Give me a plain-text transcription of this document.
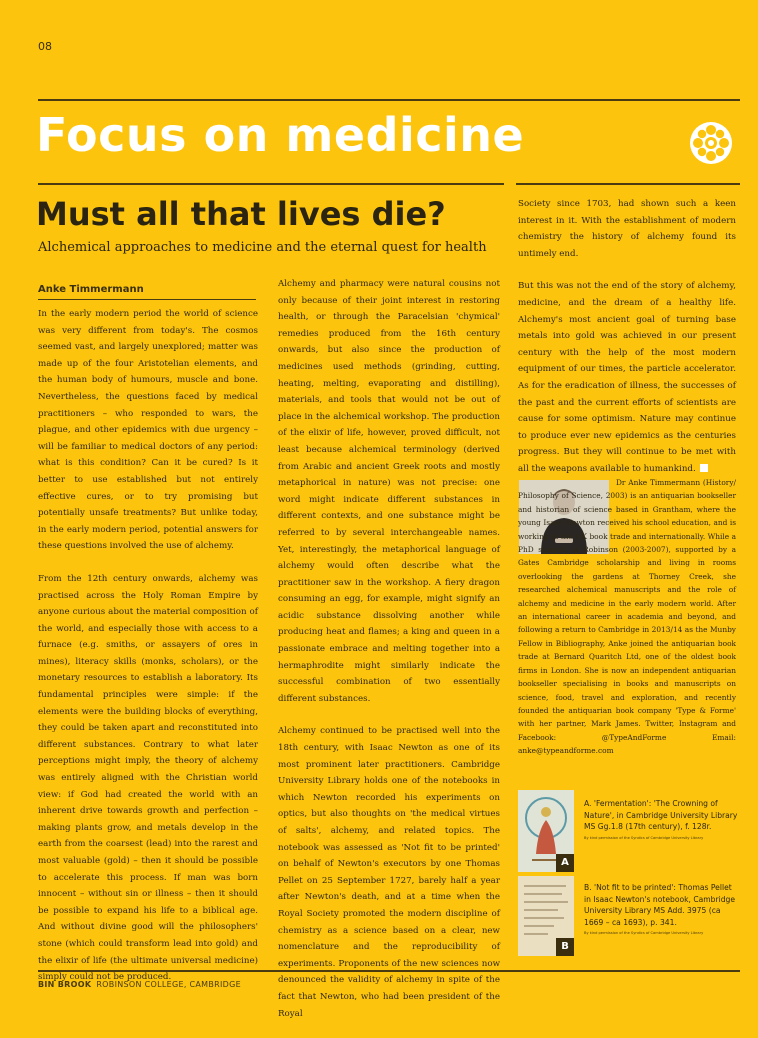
08
Focus on medicine
Must all that lives die?
Alchemical approaches to medicine and the eternal quest for health
Anke Timmermann

In the early modern period the world of science was very different from today's. The cosmos seemed vast, and largely unexplored; matter was made up of the four Aristotelian elements, and the human body of humours, muscle and bone. Nevertheless, the questions faced by medical practitioners – who responded to wars, the plague, and other epidemics with due urgency – will be familiar to medical doctors of any period: what is this condition? Can it be cured? Is it better to use established but not entirely effective cures, or to try promising but potentially unsafe treatments? But unlike today, in the early modern period, potential answers for these questions involved the use of alchemy.

From the 12th century onwards, alchemy was practised across the Holy Roman Empire by anyone curious about the material composition of the world, and especially those with access to a furnace (e.g. smiths, or assayers of ores in mines), literacy skills (monks, scholars), or the monetary resources to establish a laboratory. Its fundamental principles were simple: if the elements were the building blocks of everything, they could be taken apart and reconstituted into different substances. Contrary to what later perceptions might imply, the theory of alchemy was entirely aligned with the Christian world view: if God had created the world with an inherent drive towards growth and perfection – making plants grow, and metals develop in the earth from the coarsest (lead) into the rarest and most valuable (gold) – then it should be possible to accelerate this process. If man was born innocent – without sin or illness – then it should be possible to expand his life to a biblical age. And without divine good will the philosophers' stone (which could transform lead into gold) and the elixir of life (the ultimate universal medicine) simply could not be produced.

Alchemy and pharmacy were natural cousins not only because of their joint interest in restoring health, or through the Paracelsian 'chymical' remedies produced from the 16th century onwards, but also since the production of medicines used methods (grinding, cutting, heating, melting, evaporating and distilling), materials, and tools that would not be out of place in the alchemical workshop. The production of the elixir of life, however, proved difficult, not least because alchemical terminology (derived from Arabic and ancient Greek roots and mostly metaphorical in nature) was not precise: one word might indicate different substances in different contexts, and one substance might be referred to by several interchangeable names. Yet, interestingly, the metaphorical language of alchemy would often describe what the practitioner saw in the workshop. A fiery dragon consuming an egg, for example, might signify an acidic substance dissolving another while producing heat and flames; a king and queen in a passionate embrace and melting together into a hermaphrodite might similarly indicate the successful combination of two essentially different substances.

Alchemy continued to be practised well into the 18th century, with Isaac Newton as one of its most prominent later practitioners. Cambridge University Library holds one of the notebooks in which Newton recorded his experiments on optics, but also thoughts on 'the medical virtues of salts', alchemy, and related topics. The notebook was assessed as 'Not fit to be printed' on behalf of Newton's executors by one Thomas Pellet on 25 September 1727, barely half a year after Newton's death, and at a time when the Royal Society promoted the modern discipline of chemistry as a science based on a clear, new nomenclature and the reproducibility of experiments. Proponents of the new sciences now denounced the validity of alchemy in spite of the fact that Newton, who had been president of the Royal

Society since 1703, had shown such a keen interest in it. With the establishment of modern chemistry the history of alchemy found its untimely end.

But this was not the end of the story of alchemy, medicine, and the dream of a healthy life. Alchemy's most ancient goal of turning base metals into gold was achieved in our present century with the help of the most modern equipment of our times, the particle accelerator. As for the eradication of illness, the successes of the past and the current efforts of scientists are cause for some optimism. Nature may continue to produce ever new epidemics as the centuries progress. But they will continue to be met with all the weapons available to humankind.

Dr Anke Timmermann (History/ Philosophy of Science, 2003) is an antiquarian bookseller and historian of science based in Grantham, where the young Isaac Newton received his school education, and is working in the UK book trade and internationally. While a PhD student at Robinson (2003-2007), supported by a Gates Cambridge scholarship and living in rooms overlooking the gardens at Thorney Creek, she researched alchemical manuscripts and the role of alchemy and medicine in the early modern world. After an international career in academia and beyond, and following a return to Cambridge in 2013/14 as the Munby Fellow in Bibliography, Anke joined the antiquarian book trade at Bernard Quaritch Ltd, one of the oldest book firms in London. She is now an independent antiquarian bookseller specialising in books and manuscripts on science, food, travel and exploration, and recently founded the antiquarian book company 'Type & Forme' with her partner, Mark James. Twitter, Instagram and Facebook: @TypeAndForme Email: anke@typeandforme.com
A
A. 'Fermentation': 'The Crowning of Nature', in Cambridge University Library MS Gg.1.8 (17th century), f. 128r.
By kind permission of the Syndics of Cambridge University Library
B
B. 'Not fit to be printed': Thomas Pellet in Isaac Newton's notebook, Cambridge University Library MS Add. 3975 (ca 1669 – ca 1693), p. 341.
By kind permission of the Syndics of Cambridge University Library
BIN BROOK ROBINSON COLLEGE, CAMBRIDGE
